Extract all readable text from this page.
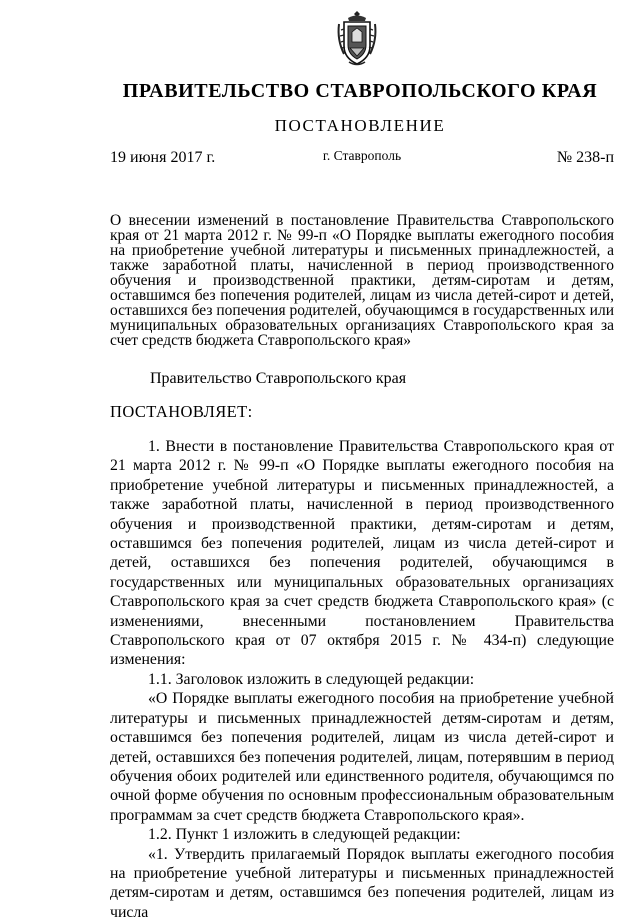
ПРАВИТЕЛЬСТВО СТАВРОПОЛЬСКОГО КРАЯ
ПОСТАНОВЛЕНИЕ
19 июня 2017 г.	г. Ставрополь	№ 238-п
О внесении изменений в постановление Правительства Ставропольского края от 21 марта 2012 г. № 99-п «О Порядке выплаты ежегодного пособия на приобретение учебной литературы и письменных принадлежностей, а также заработной платы, начисленной в период производственного обучения и производственной практики, детям-сиротам и детям, оставшимся без попечения родителей, лицам из числа детей-сирот и детей, оставшихся без попечения родителей, обучающимся в государственных или муниципальных образовательных организациях Ставропольского края за счет средств бюджета Ставропольского края»
Правительство Ставропольского края
ПОСТАНОВЛЯЕТ:

1. Внести в постановление Правительства Ставропольского края от 21 марта 2012 г. № 99-п «О Порядке выплаты ежегодного пособия на приобретение учебной литературы и письменных принадлежностей, а также заработной платы, начисленной в период производственного обучения и производственной практики, детям-сиротам и детям, оставшимся без попечения родителей, лицам из числа детей-сирот и детей, оставшихся без попечения родителей, обучающимся в государственных или муниципальных образовательных организациях Ставропольского края за счет средств бюджета Ставропольского края» (с изменениями, внесенными постановлением Правительства Ставропольского края от 07 октября 2015 г. № 434-п) следующие изменения:

1.1. Заголовок изложить в следующей редакции:

«О Порядке выплаты ежегодного пособия на приобретение учебной литературы и письменных принадлежностей детям-сиротам и детям, оставшимся без попечения родителей, лицам из числа детей-сирот и детей, оставшихся без попечения родителей, лицам, потерявшим в период обучения обоих родителей или единственного родителя, обучающимся по очной форме обучения по основным профессиональным образовательным программам за счет средств бюджета Ставропольского края».

1.2. Пункт 1 изложить в следующей редакции:

«1. Утвердить прилагаемый Порядок выплаты ежегодного пособия на приобретение учебной литературы и письменных принадлежностей детям-сиротам и детям, оставшимся без попечения родителей, лицам из числа
